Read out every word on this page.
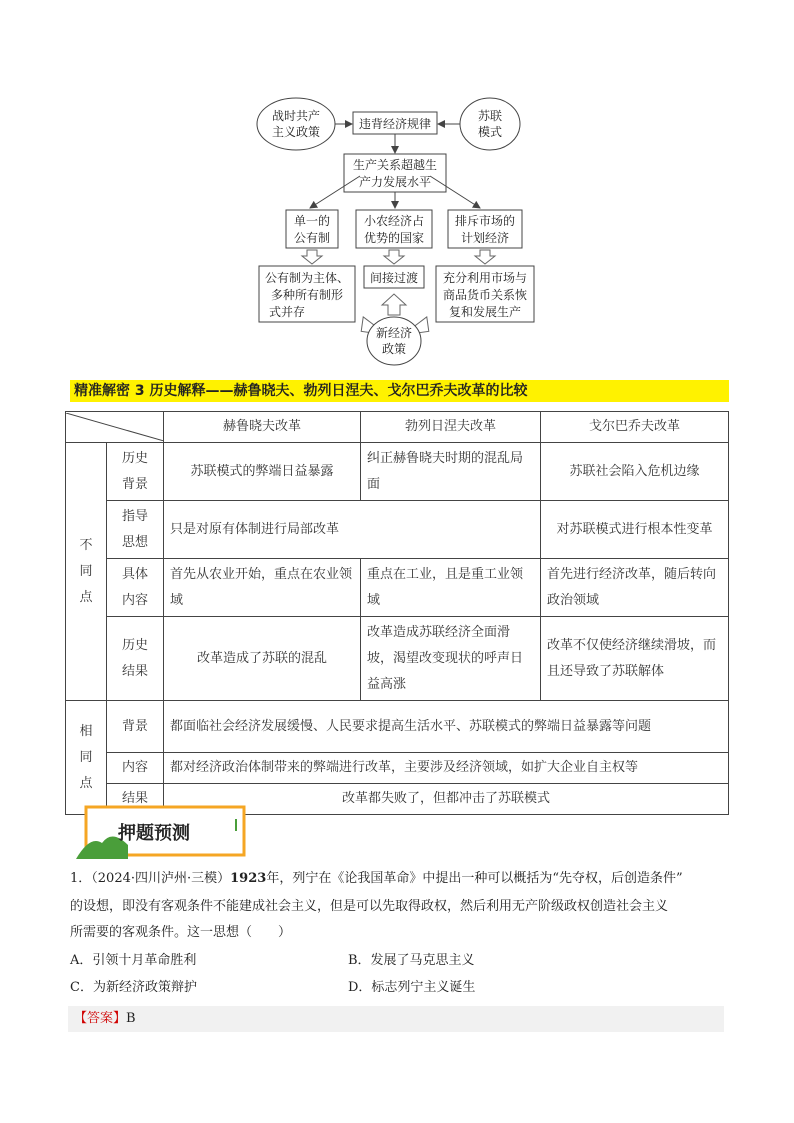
战时共产
主义政策
苏联
模式
违背经济规律
生产关系超越生
产力发展水平
单一的
公有制
小农经济占
优势的国家
排斥市场的
计划经济
公有制为主体、
多种所有制形
式并存
间接过渡 充分利用市场与
商品货币关系恢
复和发展生产
新经济
政策
精准解密 3 历史解释——赫鲁晓夫、勃列日涅夫、戈尔巴乔夫改革的比较
	赫鲁晓夫改革	勃列日涅夫改革	戈尔巴乔夫改革

不同点	历史背景	苏联模式的弊端日益暴露	纠正赫鲁晓夫时期的混乱局面	苏联社会陷入危机边缘

	指导思想	只是对原有体制进行局部改革		对苏联模式进行根本性变革

	具体内容	首先从农业开始，重点在农业领域	重点在工业，且是重工业领域	首先进行经济改革，随后转向政治领域

	历史结果	改革造成了苏联的混乱	改革造成苏联经济全面滑坡，渴望改变现状的呼声日益高涨	改革不仅使经济继续滑坡，而且还导致了苏联解体

相同点	背景	都面临社会经济发展缓慢、人民要求提高生活水平、苏联模式的弊端日益暴露等问题		
	内容	都对经济政治体制带来的弊端进行改革，主要涉及经济领域，如扩大企业自主权等		
	结果	改革都失败了，但都冲击了苏联模式		
押题预测
1．（2024·四川泸州·三模）1923年，列宁在《论我国革命》中提出一种可以概括为“先夺权，后创造条件”
的设想，即没有客观条件不能建成社会主义，但是可以先取得政权，然后利用无产阶级政权创造社会主义
所需要的客观条件。这一思想（　　）
A．引领十月革命胜利	B．发展了马克思主义
C．为新经济政策辩护	D．标志列宁主义诞生
【答案】B
